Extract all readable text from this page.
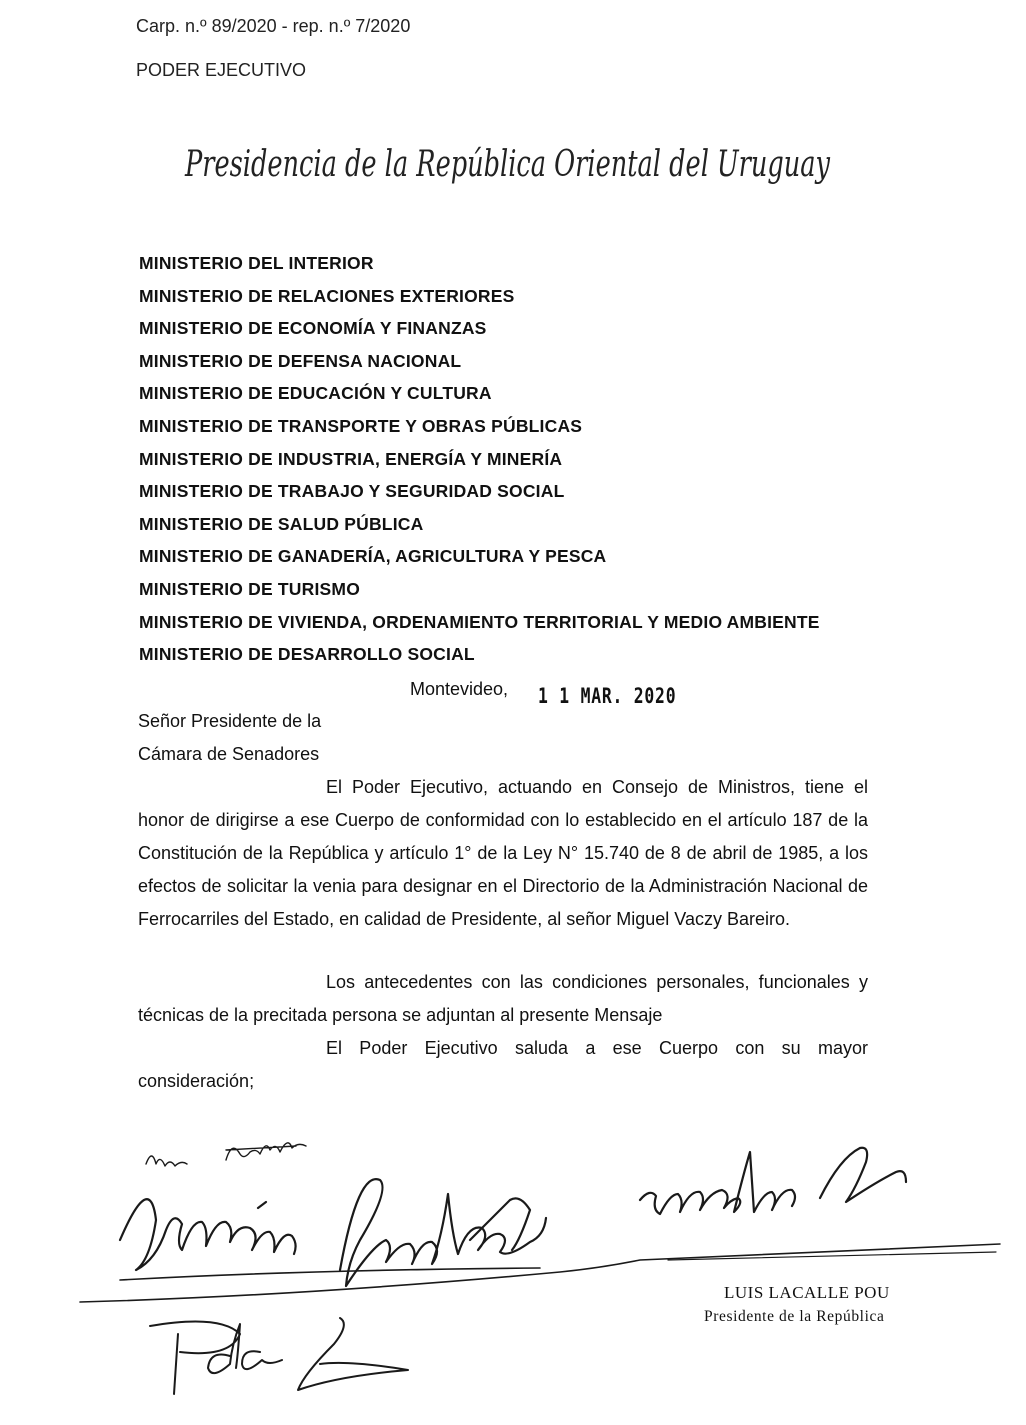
Carp. n.º 89/2020 - rep. n.º 7/2020
PODER EJECUTIVO
Presidencia de la República Oriental del Uruguay
MINISTERIO DEL INTERIOR
MINISTERIO DE RELACIONES EXTERIORES
MINISTERIO DE ECONOMÍA Y FINANZAS
MINISTERIO DE DEFENSA NACIONAL
MINISTERIO DE EDUCACIÓN Y CULTURA
MINISTERIO DE TRANSPORTE Y OBRAS PÚBLICAS
MINISTERIO DE INDUSTRIA, ENERGÍA Y MINERÍA
MINISTERIO DE TRABAJO Y SEGURIDAD SOCIAL
MINISTERIO DE SALUD PÚBLICA
MINISTERIO DE GANADERÍA, AGRICULTURA Y PESCA
MINISTERIO DE TURISMO
MINISTERIO DE VIVIENDA, ORDENAMIENTO TERRITORIAL Y MEDIO AMBIENTE
MINISTERIO DE DESARROLLO SOCIAL
Montevideo, 1 1 MAR. 2020
Señor Presidente de la
Cámara de Senadores

El Poder Ejecutivo, actuando en Consejo de Ministros, tiene el honor de dirigirse a ese Cuerpo de conformidad con lo establecido en el artículo 187 de la Constitución de la República y artículo 1° de la Ley N° 15.740 de 8 de abril de 1985, a los efectos de solicitar la venia para designar en el Directorio de la Administración Nacional de Ferrocarriles del Estado, en calidad de Presidente, al señor Miguel Vaczy Bareiro.

Los antecedentes con las condiciones personales, funcionales y técnicas de la precitada persona se adjuntan al presente Mensaje

El Poder Ejecutivo saluda a ese Cuerpo con su mayor consideración;

LUIS LACALLE POU
Presidente de la República
